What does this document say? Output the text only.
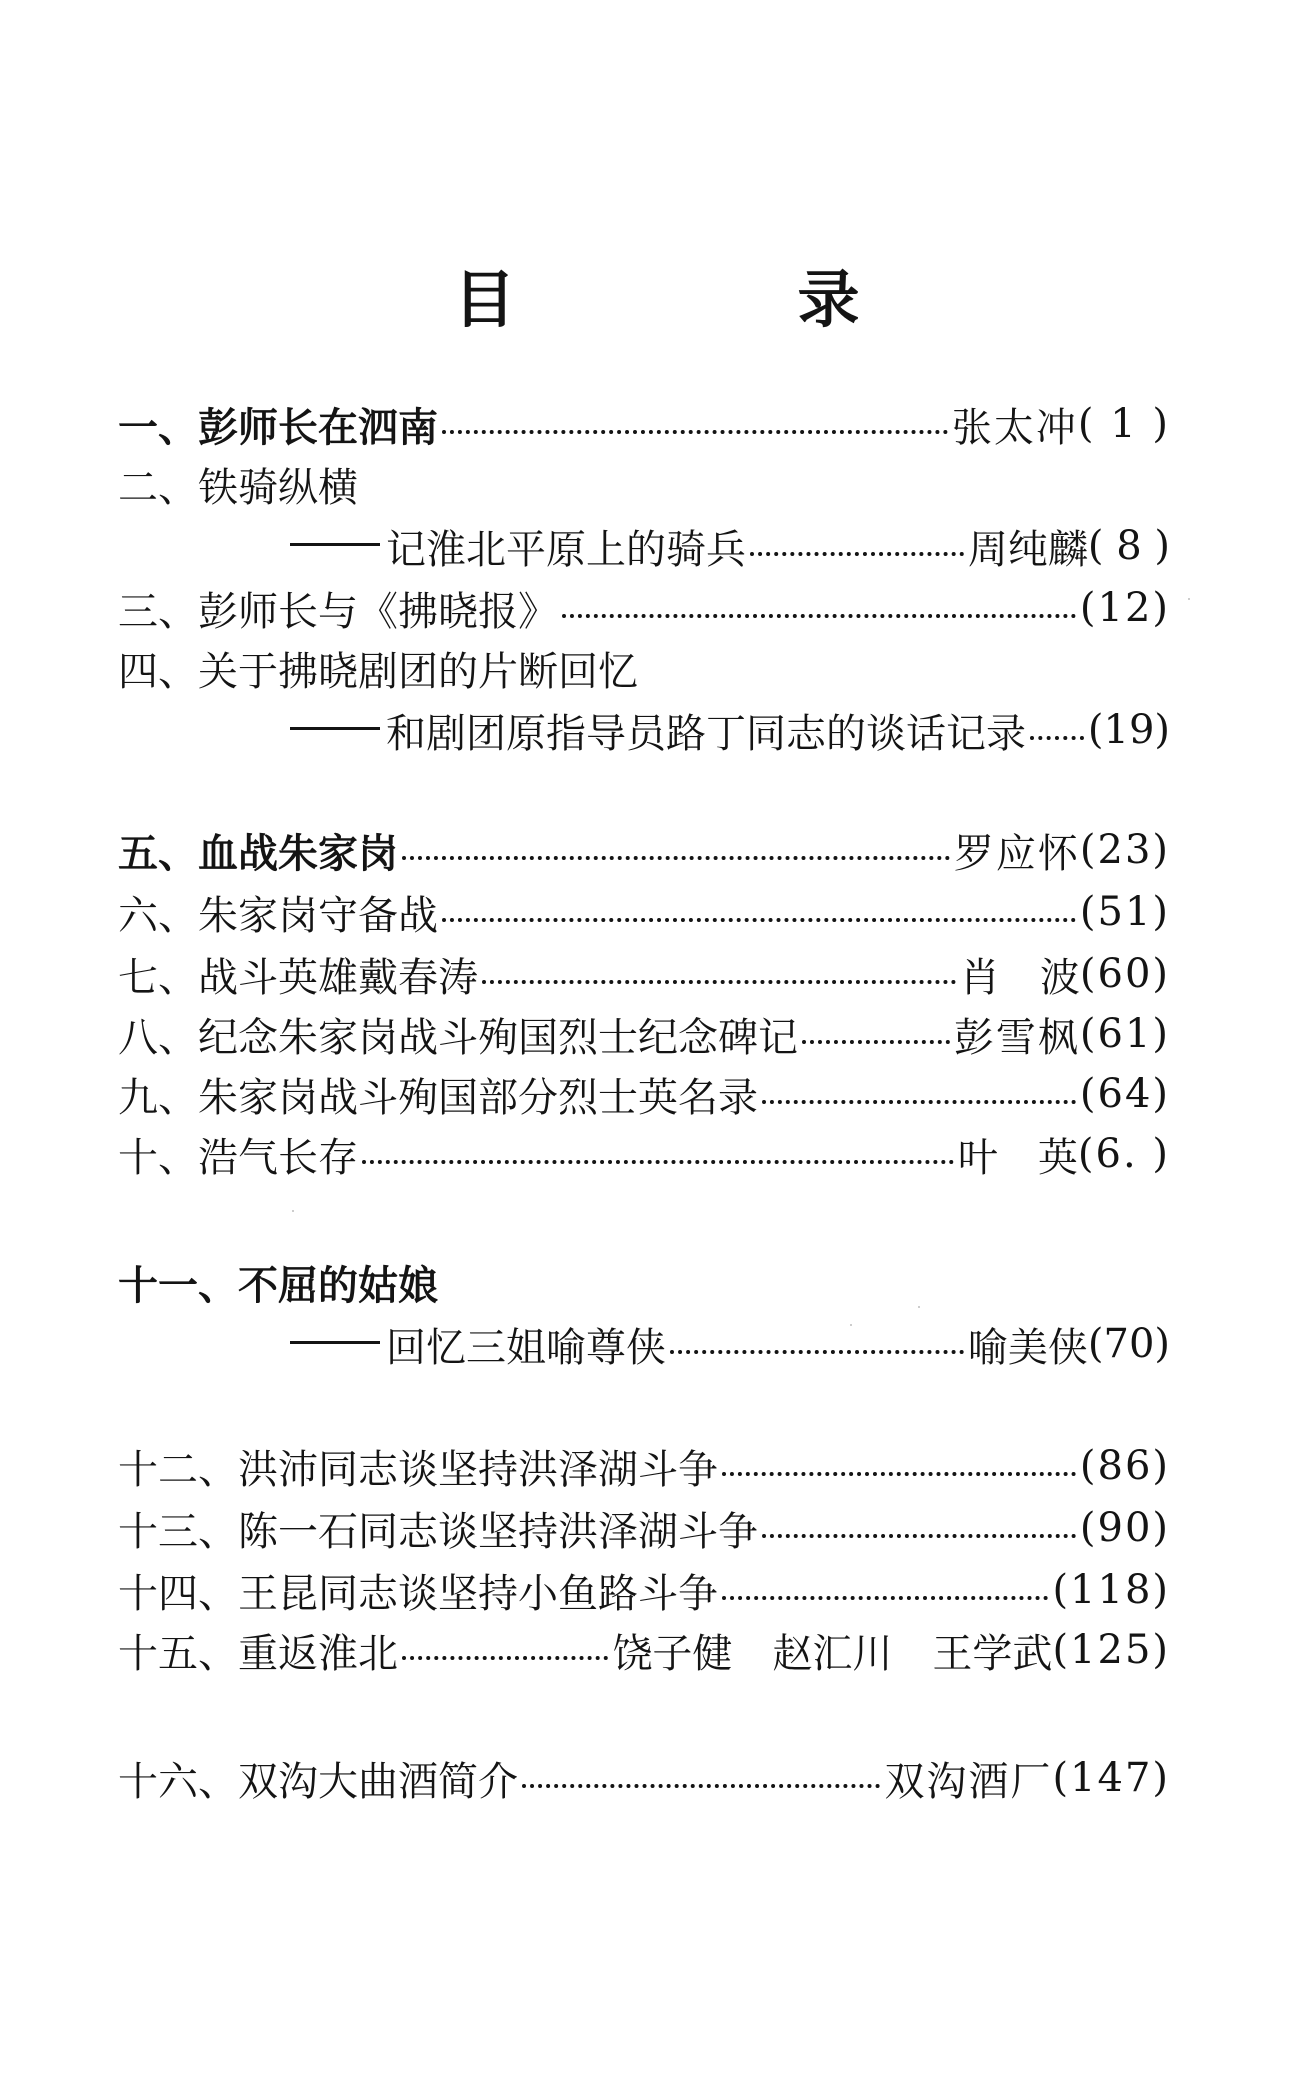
目　录
一、 彭师长在泗南	张太冲 ( 1 )
二、 铁骑纵横
记淮北平原上的骑兵	周纯麟 ( 8 )
三、 彭师长与《拂晓报》	(12)
四、 关于拂晓剧团的片断回忆
和剧团原指导员路丁同志的谈话记录 (19)
五、 血战朱家岗	罗应怀 (23)
六、 朱家岗守备战	(51)
七、 战斗英雄戴春涛	肖　波 (60)
八、 纪念朱家岗战斗殉国烈士纪念碑记	彭雪枫 (61)
九、 朱家岗战斗殉国部分烈士英名录	(64)
十、 浩气长存	叶　英 (6. )
十一、 不屈的姑娘
回忆三姐喻尊侠	喻美侠 (70)
十二、 洪沛同志谈坚持洪泽湖斗争	(86)
十三、 陈一石同志谈坚持洪泽湖斗争	(90)
十四、 王昆同志谈坚持小鱼路斗争	(118)
十五、 重返淮北	饶子健　赵汇川　王学武 (125)
十六、 双沟大曲酒简介	双沟酒厂 (147)
